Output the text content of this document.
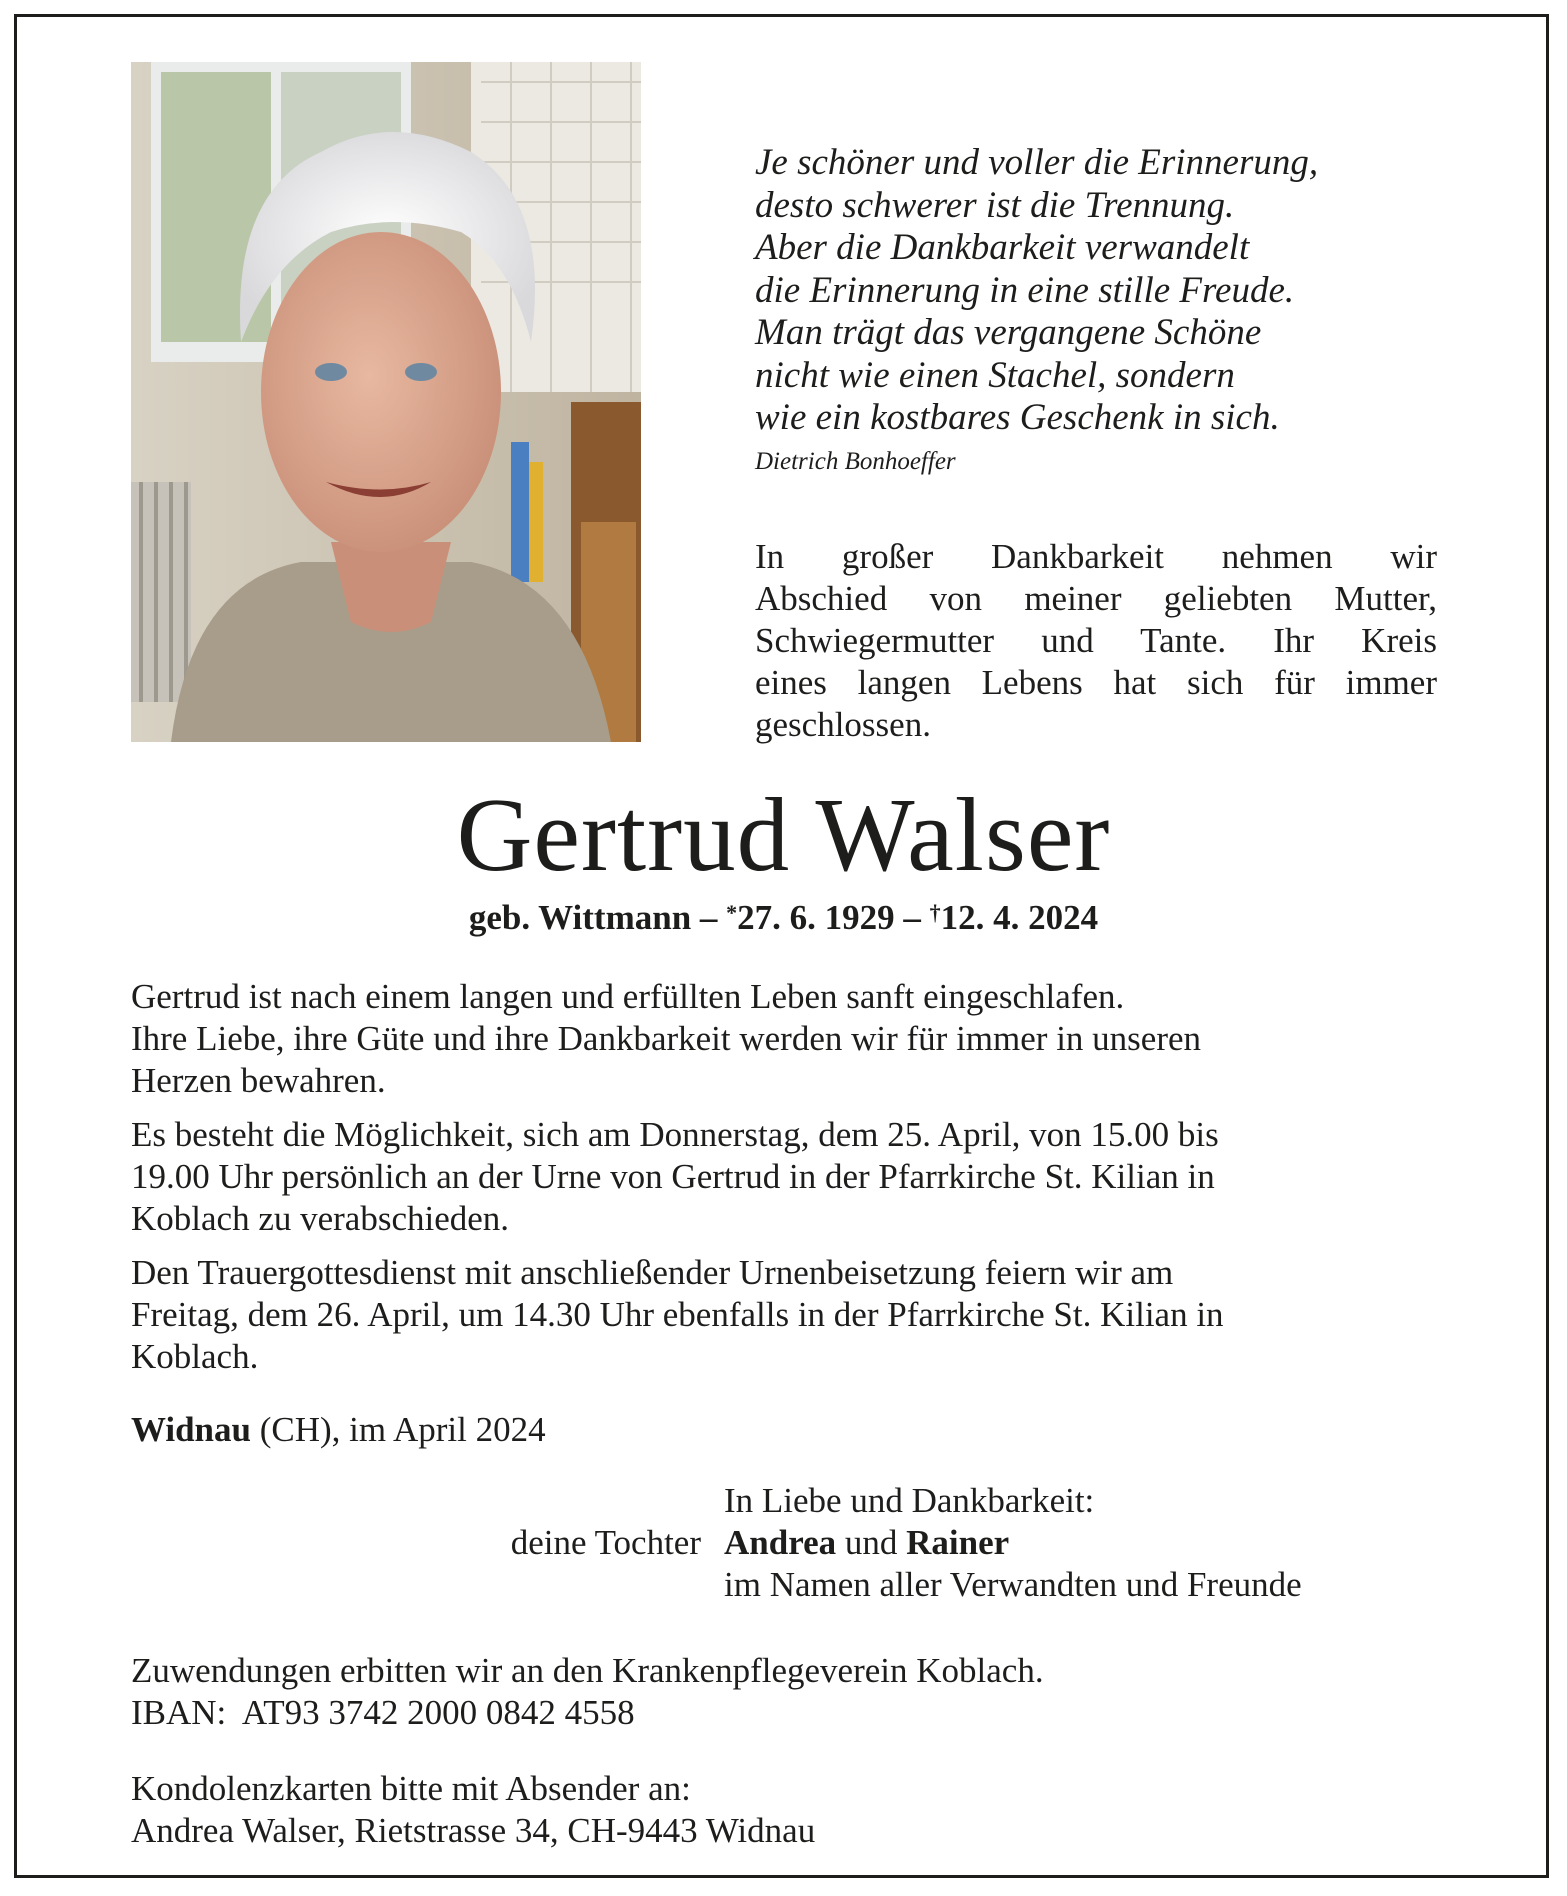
Je schöner und voller die Erinnerung,
desto schwerer ist die Trennung.
Aber die Dankbarkeit verwandelt
die Erinnerung in eine stille Freude.
Man trägt das vergangene Schöne
nicht wie einen Stachel, sondern
wie ein kostbares Geschenk in sich.
Dietrich Bonhoeffer
In großer Dankbarkeit nehmen wir
Abschied von meiner geliebten Mutter,
Schwiegermutter und Tante. Ihr Kreis
eines langen Lebens hat sich für immer
geschlossen.
Gertrud Walser
geb. Wittmann – *27. 6. 1929 – †12. 4. 2024
Gertrud ist nach einem langen und erfüllten Leben sanft eingeschlafen.
Ihre Liebe, ihre Güte und ihre Dankbarkeit werden wir für immer in unseren
Herzen bewahren.
Es besteht die Möglichkeit, sich am Donnerstag, dem 25. April, von 15.00 bis
19.00 Uhr persönlich an der Urne von Gertrud in der Pfarrkirche St. Kilian in
Koblach zu verabschieden.
Den Trauergottesdienst mit anschließender Urnenbeisetzung feiern wir am
Freitag, dem 26. April, um 14.30 Uhr ebenfalls in der Pfarrkirche St. Kilian in
Koblach.
Widnau (CH), im April 2024
In Liebe und Dankbarkeit:
deine Tochter Andrea und Rainer
im Namen aller Verwandten und Freunde
Zuwendungen erbitten wir an den Krankenpflegeverein Koblach.
IBAN:  AT93 3742 2000 0842 4558
Kondolenzkarten bitte mit Absender an:
Andrea Walser, Rietstrasse 34, CH-9443 Widnau
